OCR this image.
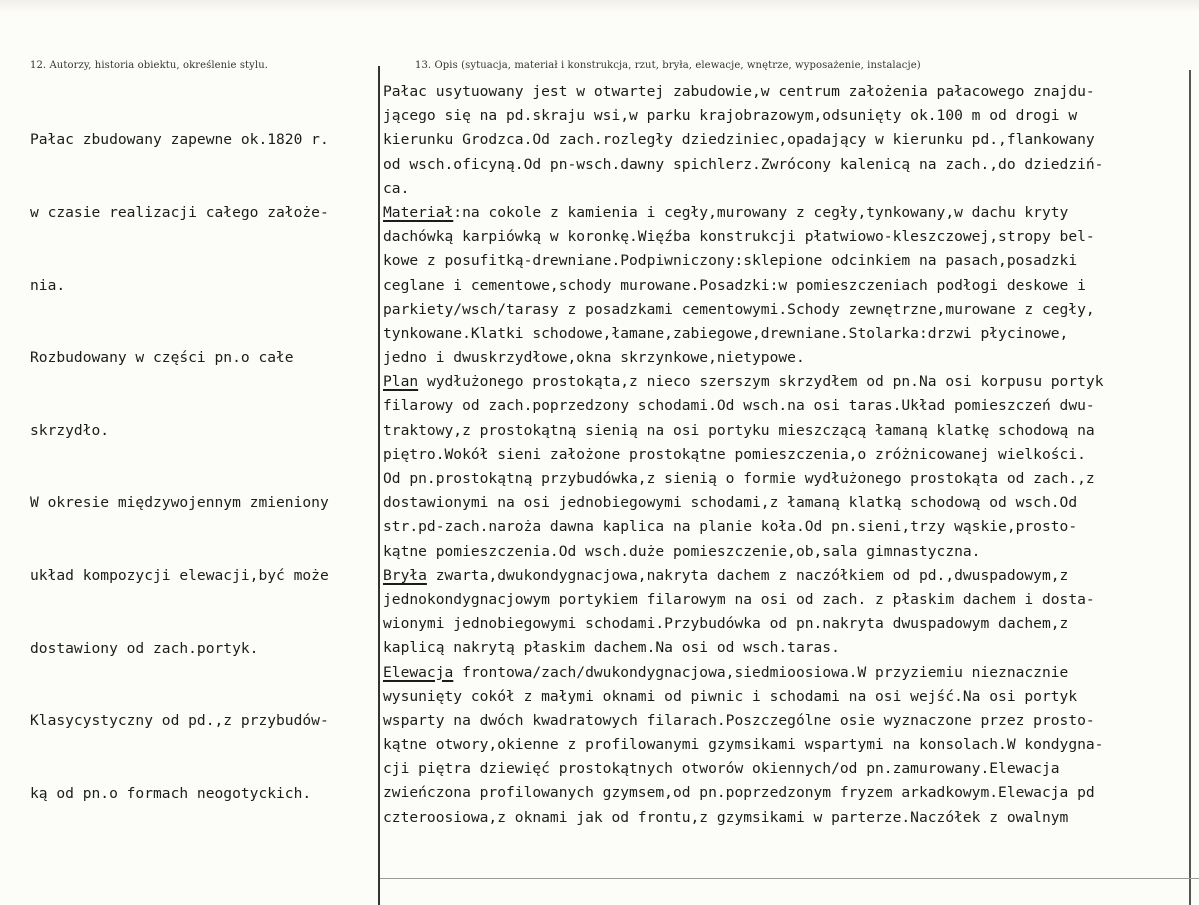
12. Autorzy, historia obiektu, określenie stylu.	13. Opis (sytuacja, materiał i konstrukcja, rzut, bryła, elewacje, wnętrze, wyposażenie, instalacje)

Pałac zbudowany zapewne ok.1820 r.

w czasie realizacji całego założe-

nia.

Rozbudowany w części pn.o całe

skrzydło.

W okresie międzywojennym zmieniony

układ kompozycji elewacji,być może

dostawiony od zach.portyk.

Klasycystyczny od pd.,z przybudów-

ką od pn.o formach neogotyckich.

Pałac usytuowany jest w otwartej zabudowie,w centrum założenia pałacowego znajdu-
jącego się na pd.skraju wsi,w parku krajobrazowym,odsunięty ok.100 m od drogi w
kierunku Grodzca.Od zach.rozległy dziedziniec,opadający w kierunku pd.,flankowany
od wsch.oficyną.Od pn-wsch.dawny spichlerz.Zwrócony kalenicą na zach.,do dziedziń-
ca.
Materiał:na cokole z kamienia i cegły,murowany z cegły,tynkowany,w dachu kryty
dachówką karpiówką w koronkę.Więźba konstrukcji płatwiowo-kleszczowej,stropy bel-
kowe z posufitką-drewniane.Podpiwniczony:sklepione odcinkiem na pasach,posadzki
ceglane i cementowe,schody murowane.Posadzki:w pomieszczeniach podłogi deskowe i
parkiety/wsch/tarasy z posadzkami cementowymi.Schody zewnętrzne,murowane z cegły,
tynkowane.Klatki schodowe,łamane,zabiegowe,drewniane.Stolarka:drzwi płycinowe,
jedno i dwuskrzydłowe,okna skrzynkowe,nietypowe.
Plan wydłużonego prostokąta,z nieco szerszym skrzydłem od pn.Na osi korpusu portyk
filarowy od zach.poprzedzony schodami.Od wsch.na osi taras.Układ pomieszczeń dwu-
traktowy,z prostokątną sienią na osi portyku mieszczącą łamaną klatkę schodową na
piętro.Wokół sieni założone prostokątne pomieszczenia,o zróżnicowanej wielkości.
Od pn.prostokątną przybudówka,z sienią o formie wydłużonego prostokąta od zach.,z
dostawionymi na osi jednobiegowymi schodami,z łamaną klatką schodową od wsch.Od
str.pd-zach.naroża dawna kaplica na planie koła.Od pn.sieni,trzy wąskie,prosto-
kątne pomieszczenia.Od wsch.duże pomieszczenie,ob,sala gimnastyczna.
Bryła zwarta,dwukondygnacjowa,nakryta dachem z naczółkiem od pd.,dwuspadowym,z
jednokondygnacjowym portykiem filarowym na osi od zach. z płaskim dachem i dosta-
wionymi jednobiegowymi schodami.Przybudówka od pn.nakryta dwuspadowym dachem,z
kaplicą nakrytą płaskim dachem.Na osi od wsch.taras.
Elewacja frontowa/zach/dwukondygnacjowa,siedmioosiowa.W przyziemiu nieznacznie
wysunięty cokół z małymi oknami od piwnic i schodami na osi wejść.Na osi portyk
wsparty na dwóch kwadratowych filarach.Poszczególne osie wyznaczone przez prosto-
kątne otwory,okienne z profilowanymi gzymsikami wspartymi na konsolach.W kondygna-
cji piętra dziewięć prostokątnych otworów okiennych/od pn.zamurowany.Elewacja
zwieńczona profilowanych gzymsem,od pn.poprzedzonym fryzem arkadkowym.Elewacja pd
czteroosiowa,z oknami jak od frontu,z gzymsikami w parterze.Naczółek z owalnym
